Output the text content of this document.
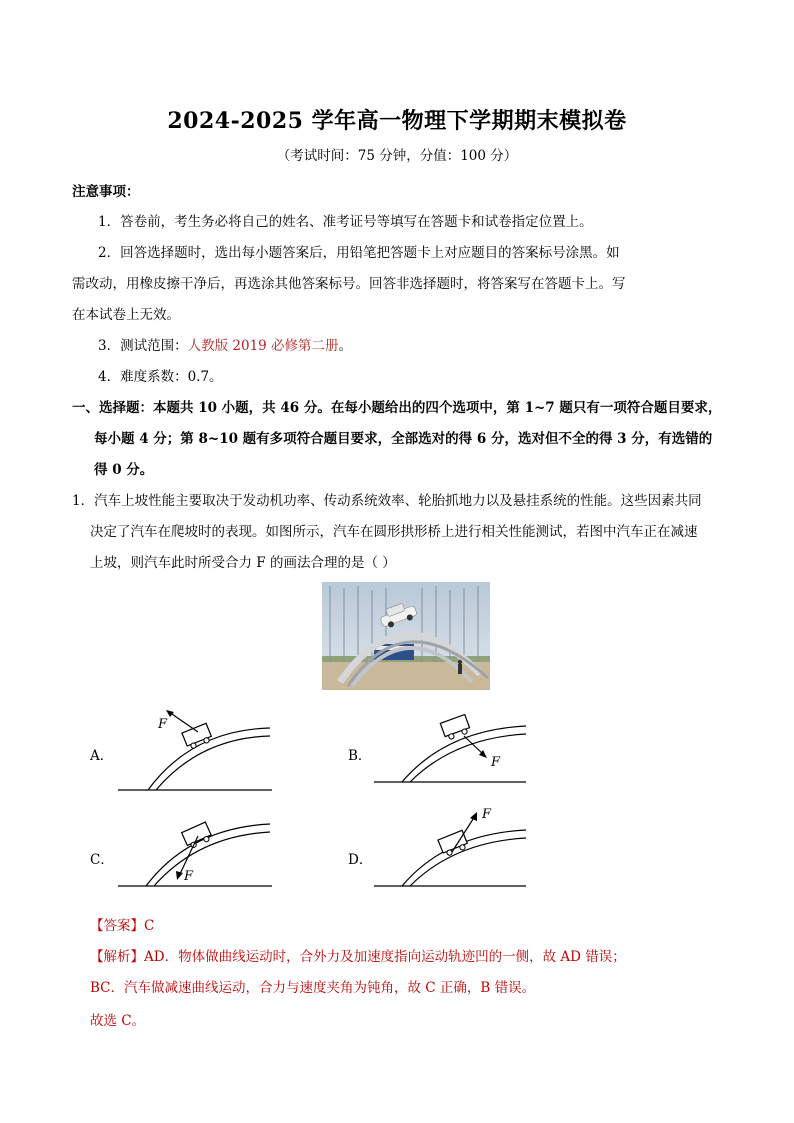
2024-2025 学年高一物理下学期期末模拟卷
（考试时间：75 分钟，分值：100 分）
注意事项：
1．答卷前，考生务必将自己的姓名、准考证号等填写在答题卡和试卷指定位置上。
2．回答选择题时，选出每小题答案后，用铅笔把答题卡上对应题目的答案标号涂黑。如
需改动，用橡皮擦干净后，再选涂其他答案标号。回答非选择题时，将答案写在答题卡上。写
在本试卷上无效。
3．测试范围：人教版 2019 必修第二册。
4．难度系数：0.7。
一、选择题：本题共 10 小题，共 46 分。在每小题给出的四个选项中，第 1~7 题只有一项符合题目要求，
每小题 4 分；第 8~10 题有多项符合题目要求，全部选对的得 6 分，选对但不全的得 3 分，有选错的
得 0 分。
1．汽车上坡性能主要取决于发动机功率、传动系统效率、轮胎抓地力以及悬挂系统的性能。这些因素共同
决定了汽车在爬坡时的表现。如图所示，汽车在圆形拱形桥上进行相关性能测试，若图中汽车正在减速
上坡，则汽车此时所受合力 F 的画法合理的是（ ）
A．
F
B．	F
C．
F
D．
F
【答案】C
【解析】AD．物体做曲线运动时，合外力及加速度指向运动轨迹凹的一侧，故 AD 错误；
BC．汽车做减速曲线运动，合力与速度夹角为钝角，故 C 正确，B 错误。
故选 C。
